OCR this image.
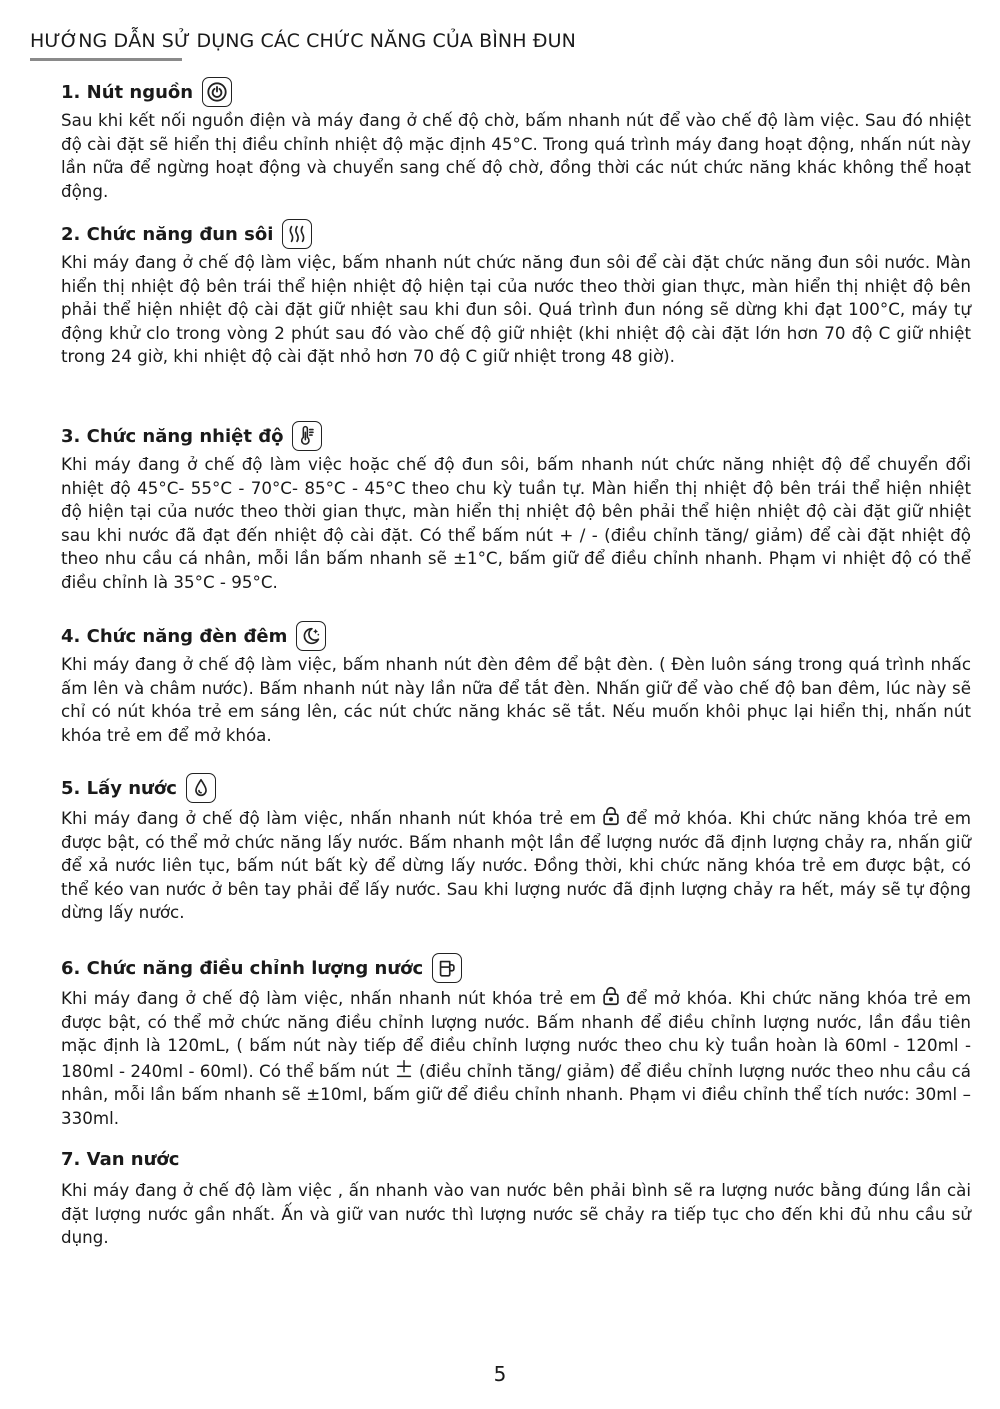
HƯỚNG DẪN SỬ DỤNG CÁC CHỨC NĂNG CỦA BÌNH ĐUN
1. Nút nguồn

Sau khi kết nối nguồn điện và máy đang ở chế độ chờ, bấm nhanh nút để vào chế độ làm việc. Sau đó nhiệt độ cài đặt sẽ hiển thị điều chỉnh nhiệt độ mặc định 45°C. Trong quá trình máy đang hoạt động, nhấn nút này lần nữa để ngừng hoạt động và chuyển sang chế độ chờ, đồng thời các nút chức năng khác không thể hoạt động.

2. Chức năng đun sôi

Khi máy đang ở chế độ làm việc, bấm nhanh nút chức năng đun sôi để cài đặt chức năng đun sôi nước. Màn hiển thị nhiệt độ bên trái thể hiện nhiệt độ hiện tại của nước theo thời gian thực, màn hiển thị nhiệt độ bên phải thể hiện nhiệt độ cài đặt giữ nhiệt sau khi đun sôi. Quá trình đun nóng sẽ dừng khi đạt 100°C, máy tự động khử clo trong vòng 2 phút sau đó vào chế độ giữ nhiệt (khi nhiệt độ cài đặt lớn hơn 70 độ C giữ nhiệt trong 24 giờ, khi nhiệt độ cài đặt nhỏ hơn 70 độ C giữ nhiệt trong 48 giờ).

3. Chức năng nhiệt độ

Khi máy đang ở chế độ làm việc hoặc chế độ đun sôi, bấm nhanh nút chức năng nhiệt độ để chuyển đổi nhiệt độ 45°C- 55°C - 70°C- 85°C - 45°C theo chu kỳ tuần tự. Màn hiển thị nhiệt độ bên trái thể hiện nhiệt độ hiện tại của nước theo thời gian thực, màn hiển thị nhiệt độ bên phải thể hiện nhiệt độ cài đặt giữ nhiệt sau khi nước đã đạt đến nhiệt độ cài đặt. Có thể bấm nút + / - (điều chỉnh tăng/ giảm) để cài đặt nhiệt độ theo nhu cầu cá nhân, mỗi lần bấm nhanh sẽ ±1°C, bấm giữ để điều chỉnh nhanh. Phạm vi nhiệt độ có thể điều chỉnh là 35°C - 95°C.

4. Chức năng đèn đêm

Khi máy đang ở chế độ làm việc, bấm nhanh nút đèn đêm để bật đèn. ( Đèn luôn sáng trong quá trình nhấc ấm lên và châm nước). Bấm nhanh nút này lần nữa để tắt đèn. Nhấn giữ để vào chế độ ban đêm, lúc này sẽ chỉ có nút khóa trẻ em sáng lên, các nút chức năng khác sẽ tắt. Nếu muốn khôi phục lại hiển thị, nhấn nút khóa trẻ em để mở khóa.

5. Lấy nước

Khi máy đang ở chế độ làm việc, nhấn nhanh nút khóa trẻ em để mở khóa. Khi chức năng khóa trẻ em được bật, có thể mở chức năng lấy nước. Bấm nhanh một lần để lượng nước đã định lượng chảy ra, nhấn giữ để xả nước liên tục, bấm nút bất kỳ để dừng lấy nước. Đồng thời, khi chức năng khóa trẻ em được bật, có thể kéo van nước ở bên tay phải để lấy nước. Sau khi lượng nước đã định lượng chảy ra hết, máy sẽ tự động dừng lấy nước.

6. Chức năng điều chỉnh lượng nước

Khi máy đang ở chế độ làm việc, nhấn nhanh nút khóa trẻ em để mở khóa. Khi chức năng khóa trẻ em được bật, có thể mở chức năng điều chỉnh lượng nước. Bấm nhanh để điều chỉnh lượng nước, lần đầu tiên mặc định là 120mL, ( bấm nút này tiếp để điều chỉnh lượng nước theo chu kỳ tuần hoàn là 60ml - 120ml - 180ml - 240ml - 60ml). Có thể bấm nút (điều chỉnh tăng/ giảm) để điều chỉnh lượng nước theo nhu cầu cá nhân, mỗi lần bấm nhanh sẽ ±10ml, bấm giữ để điều chỉnh nhanh. Phạm vi điều chỉnh thể tích nước: 30ml – 330ml.

7. Van nước

Khi máy đang ở chế độ làm việc , ấn nhanh vào van nước bên phải bình sẽ ra lượng nước bằng đúng lần cài đặt lượng nước gần nhất. Ấn và giữ van nước thì lượng nước sẽ chảy ra tiếp tục cho đến khi đủ nhu cầu sử dụng.

5
